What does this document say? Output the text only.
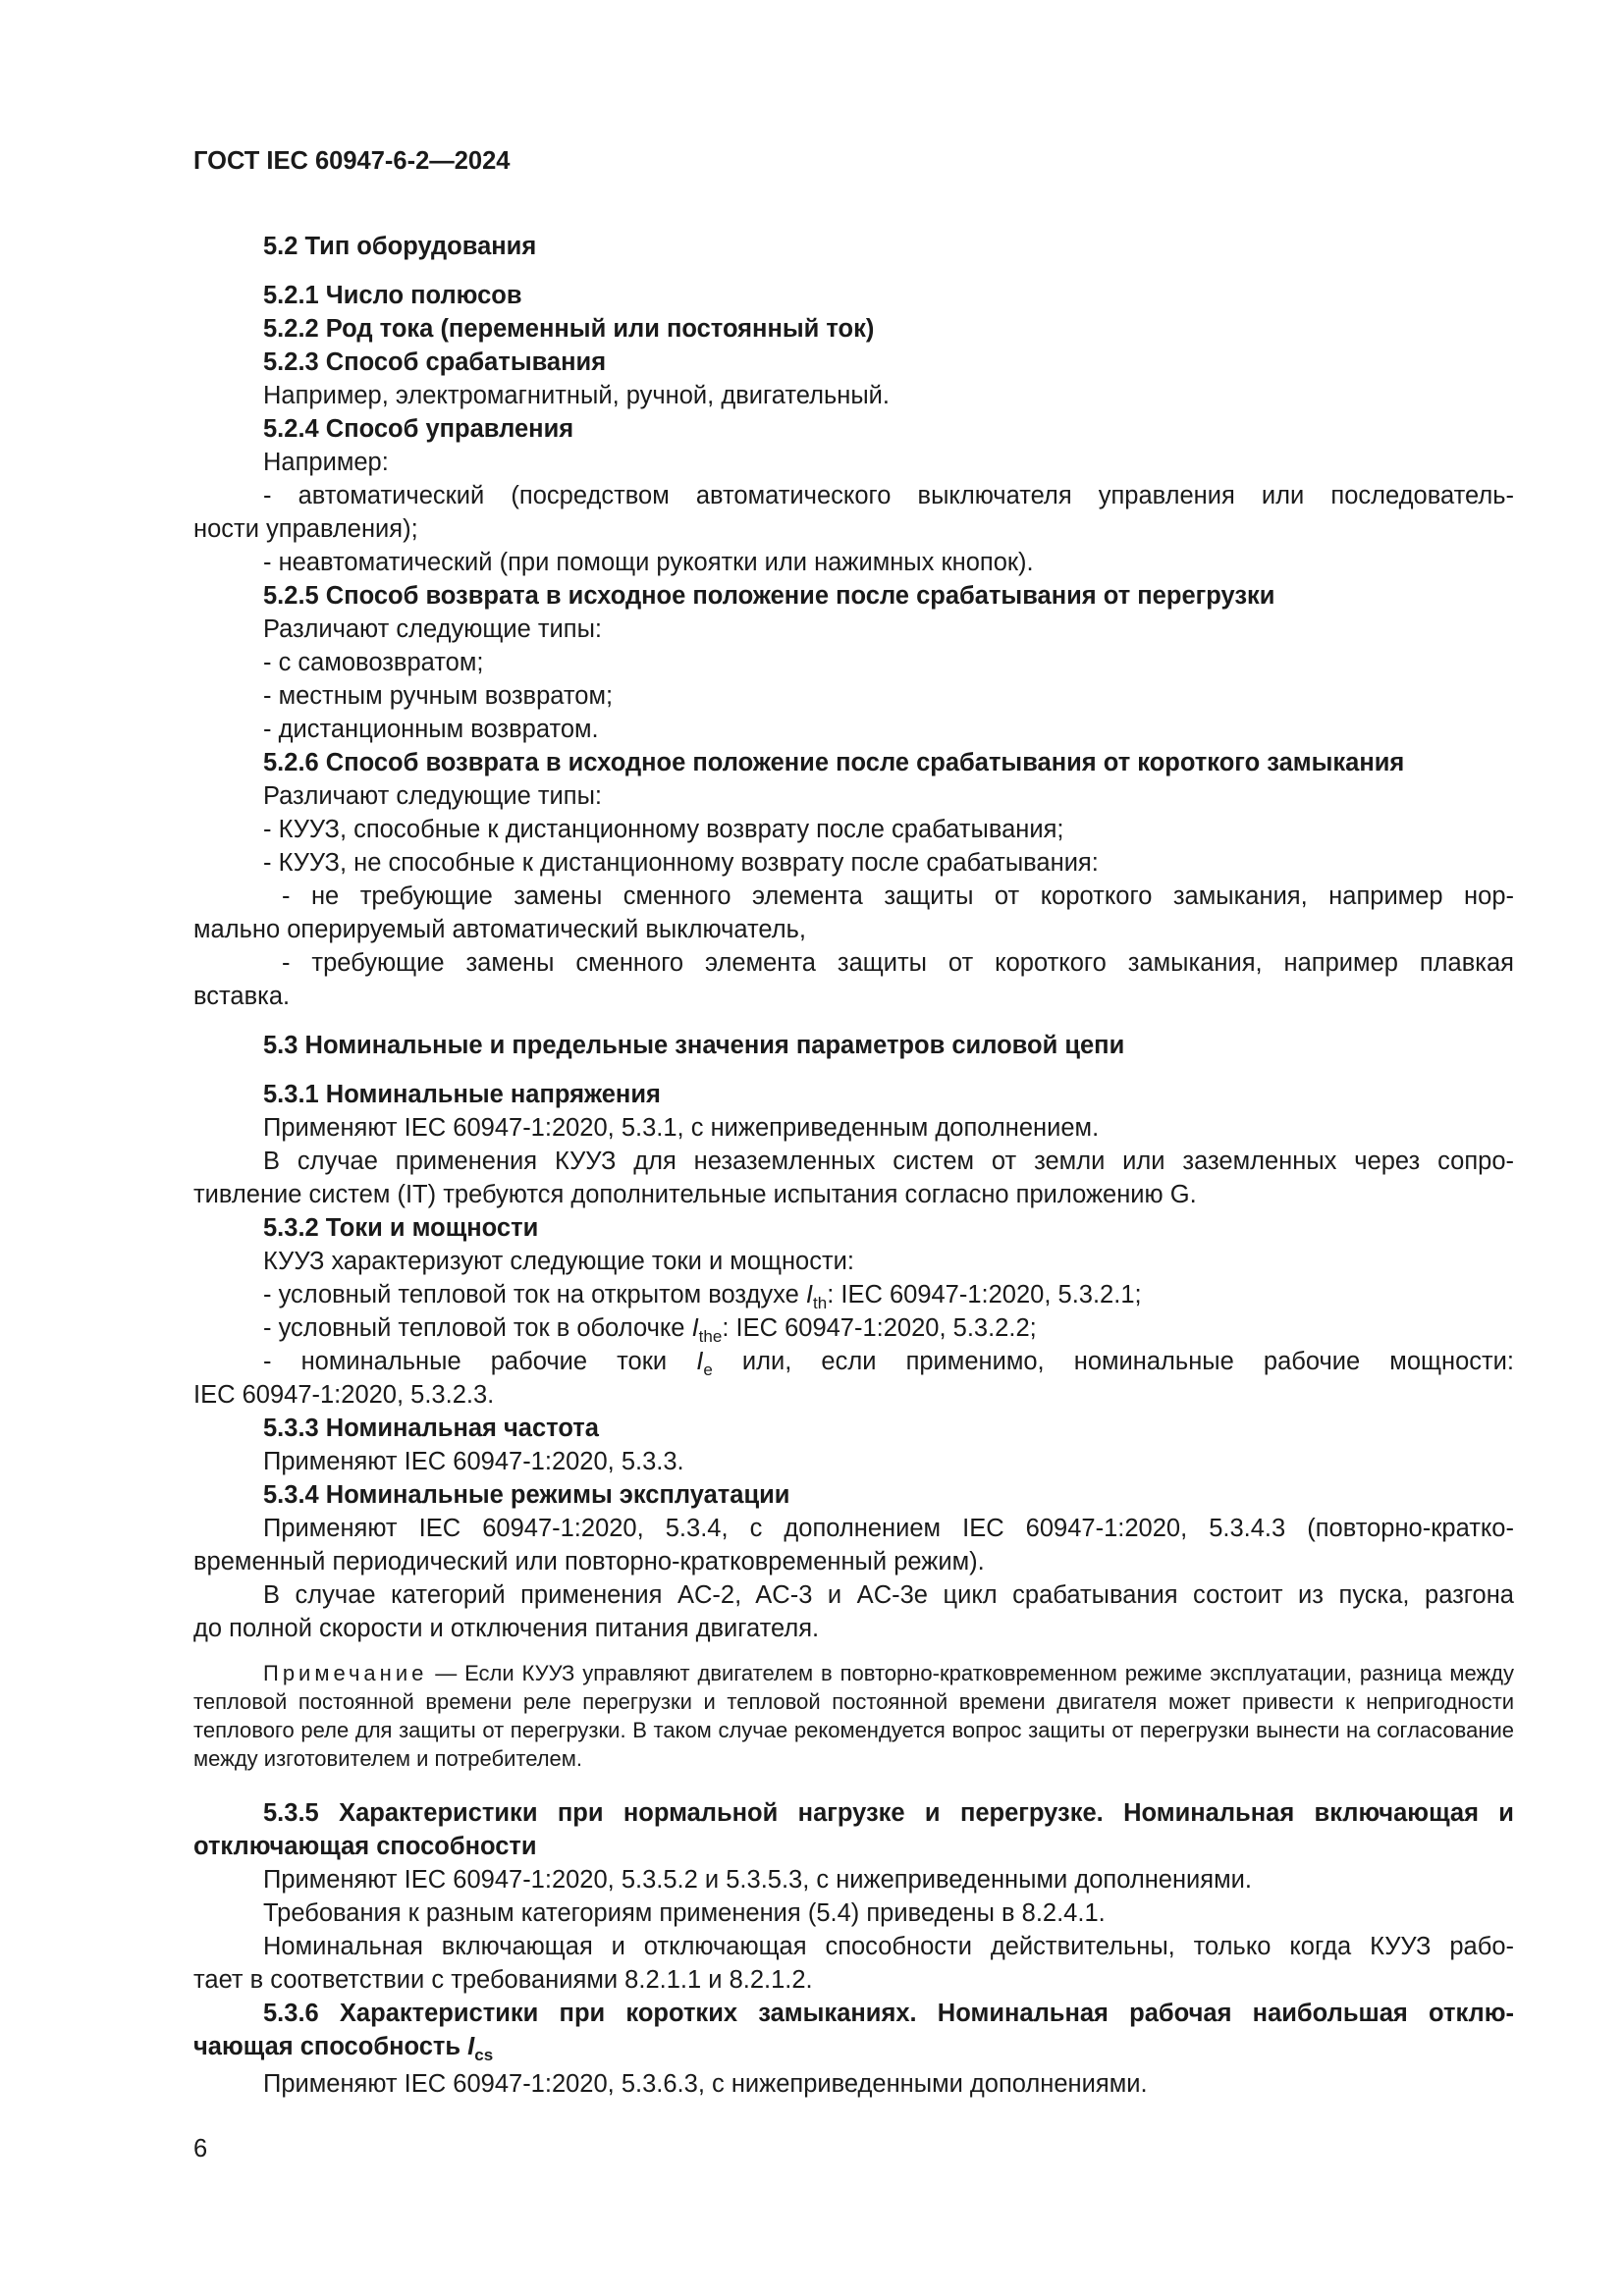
ГОСТ IEC 60947-6-2—2024

5.2 Тип оборудования

5.2.1 Число полюсов

5.2.2 Род тока (переменный или постоянный ток)

5.2.3 Способ срабатывания

Например, электромагнитный, ручной, двигательный.

5.2.4 Способ управления

Например:

- автоматический (посредством автоматического выключателя управления или последователь-

ности управления);

- неавтоматический (при помощи рукоятки или нажимных кнопок).

5.2.5 Способ возврата в исходное положение после срабатывания от перегрузки

Различают следующие типы:

- с самовозвратом;

- местным ручным возвратом;

- дистанционным возвратом.

5.2.6 Способ возврата в исходное положение после срабатывания от короткого замыкания

Различают следующие типы:

- КУУЗ, способные к дистанционному возврату после срабатывания;

- КУУЗ, не способные к дистанционному возврату после срабатывания:

- не требующие замены сменного элемента защиты от короткого замыкания, например нор-

мально оперируемый автоматический выключатель,

- требующие замены сменного элемента защиты от короткого замыкания, например плавкая

вставка.

5.3 Номинальные и предельные значения параметров силовой цепи

5.3.1 Номинальные напряжения

Применяют IEC 60947-1:2020, 5.3.1, с нижеприведенным дополнением.

В случае применения КУУЗ для незаземленных систем от земли или заземленных через сопро-

тивление систем (IT) требуются дополнительные испытания согласно приложению G.

5.3.2 Токи и мощности

КУУЗ характеризуют следующие токи и мощности:

- условный тепловой ток на открытом воздухе $I_{th}$: IEC 60947-1:2020, 5.3.2.1;

- условный тепловой ток в оболочке $I_{the}$: IEC 60947-1:2020, 5.3.2.2;

- номинальные рабочие токи $I_e$ или, если применимо, номинальные рабочие мощности:

IEC 60947-1:2020, 5.3.2.3.

5.3.3 Номинальная частота

Применяют IEC 60947-1:2020, 5.3.3.

5.3.4 Номинальные режимы эксплуатации

Применяют IEC 60947-1:2020, 5.3.4, с дополнением IEC 60947-1:2020, 5.3.4.3 (повторно-кратко-

временный периодический или повторно-кратковременный режим).

В случае категорий применения AC-2, AC-3 и AC-3e цикл срабатывания состоит из пуска, разгона

до полной скорости и отключения питания двигателя.

Примечание — Если КУУЗ управляют двигателем в повторно-кратковременном режиме эксплуатации, разница между тепловой постоянной времени реле перегрузки и тепловой постоянной времени двигателя может привести к непригодности теплового реле для защиты от перегрузки. В таком случае рекомендуется вопрос защиты от перегрузки вынести на согласование между изготовителем и потребителем.

5.3.5 Характеристики при нормальной нагрузке и перегрузке. Номинальная включающая и

отключающая способности

Применяют IEC 60947-1:2020, 5.3.5.2 и 5.3.5.3, с нижеприведенными дополнениями.

Требования к разным категориям применения (5.4) приведены в 8.2.4.1.

Номинальная включающая и отключающая способности действительны, только когда КУУЗ рабо-

тает в соответствии с требованиями 8.2.1.1 и 8.2.1.2.

5.3.6 Характеристики при коротких замыканиях. Номинальная рабочая наибольшая отклю-

чающая способность $I_{cs}$

Применяют IEC 60947-1:2020, 5.3.6.3, с нижеприведенными дополнениями.

6
